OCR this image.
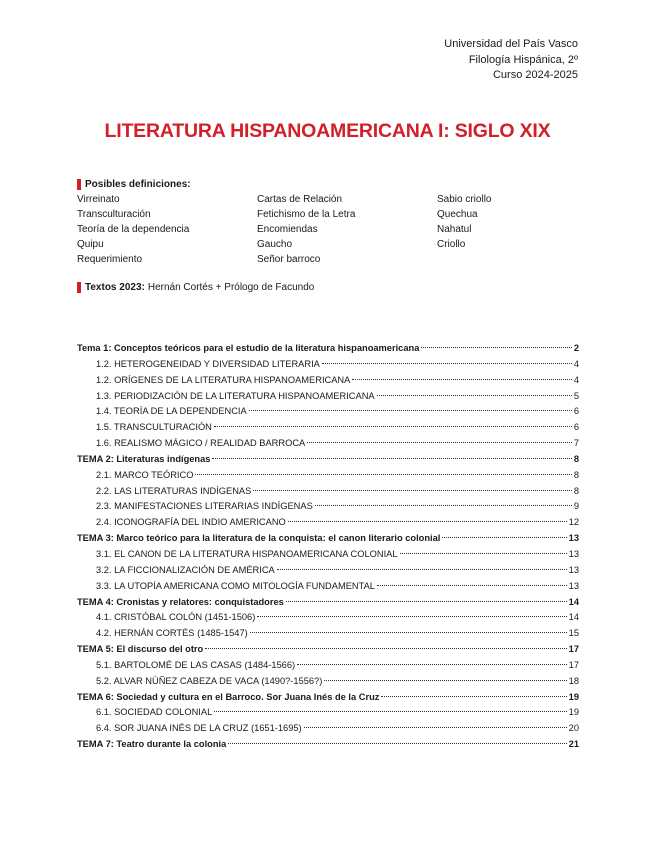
Universidad del País Vasco
Filología Hispánica, 2º
Curso 2024-2025
LITERATURA HISPANOAMERICANA I: SIGLO XIX
Posibles definiciones:
Virreinato	Cartas de Relación	Sabio criollo
Transculturación	Fetichismo de la Letra	Quechua
Teoría de la dependencia	Encomiendas	Nahatul
Quipu	Gaucho	Criollo
Requerimiento	Señor barroco
Textos 2023: Hernán Cortés + Prólogo de Facundo
Tema 1: Conceptos teóricos para el estudio de la literatura hispanoamericana	2
1.2. HETEROGENEIDAD Y DIVERSIDAD LITERARIA	4
1.2. ORÍGENES DE LA LITERATURA HISPANOAMERICANA	4
1.3. PERIODIZACIÓN DE LA LITERATURA HISPANOAMERICANA	5
1.4. TEORÍA DE LA DEPENDENCIA	6
1.5. TRANSCULTURACIÓN	6
1.6. REALISMO MÁGICO / REALIDAD BARROCA	7
TEMA 2: Literaturas indígenas	8
2.1. MARCO TEÓRICO	8
2.2. LAS LITERATURAS INDÍGENAS	8
2.3. MANIFESTACIONES LITERARIAS INDÍGENAS	9
2.4. ICONOGRAFÍA DEL INDIO AMERICANO	12
TEMA 3: Marco teórico para la literatura de la conquista: el canon literario colonial	13
3.1. EL CANON DE LA LITERATURA HISPANOAMERICANA COLONIAL	13
3.2. LA FICCIONALIZACIÓN DE AMÉRICA	13
3.3. LA UTOPÍA AMERICANA COMO MITOLOGÍA FUNDAMENTAL	13
TEMA 4: Cronistas y relatores: conquistadores	14
4.1. CRISTÓBAL COLÓN (1451-1506)	14
4.2. HERNÁN CORTÉS (1485-1547)	15
TEMA 5: El discurso del otro	17
5.1. BARTOLOMÉ DE LAS CASAS (1484-1566)	17
5.2. ALVAR NÚÑEZ CABEZA DE VACA (1490?-1556?)	18
TEMA 6: Sociedad y cultura en el Barroco. Sor Juana Inés de la Cruz	19
6.1. SOCIEDAD COLONIAL	19
6.4. SOR JUANA INÉS DE LA CRUZ (1651-1695)	20
TEMA 7: Teatro durante la colonia	21
